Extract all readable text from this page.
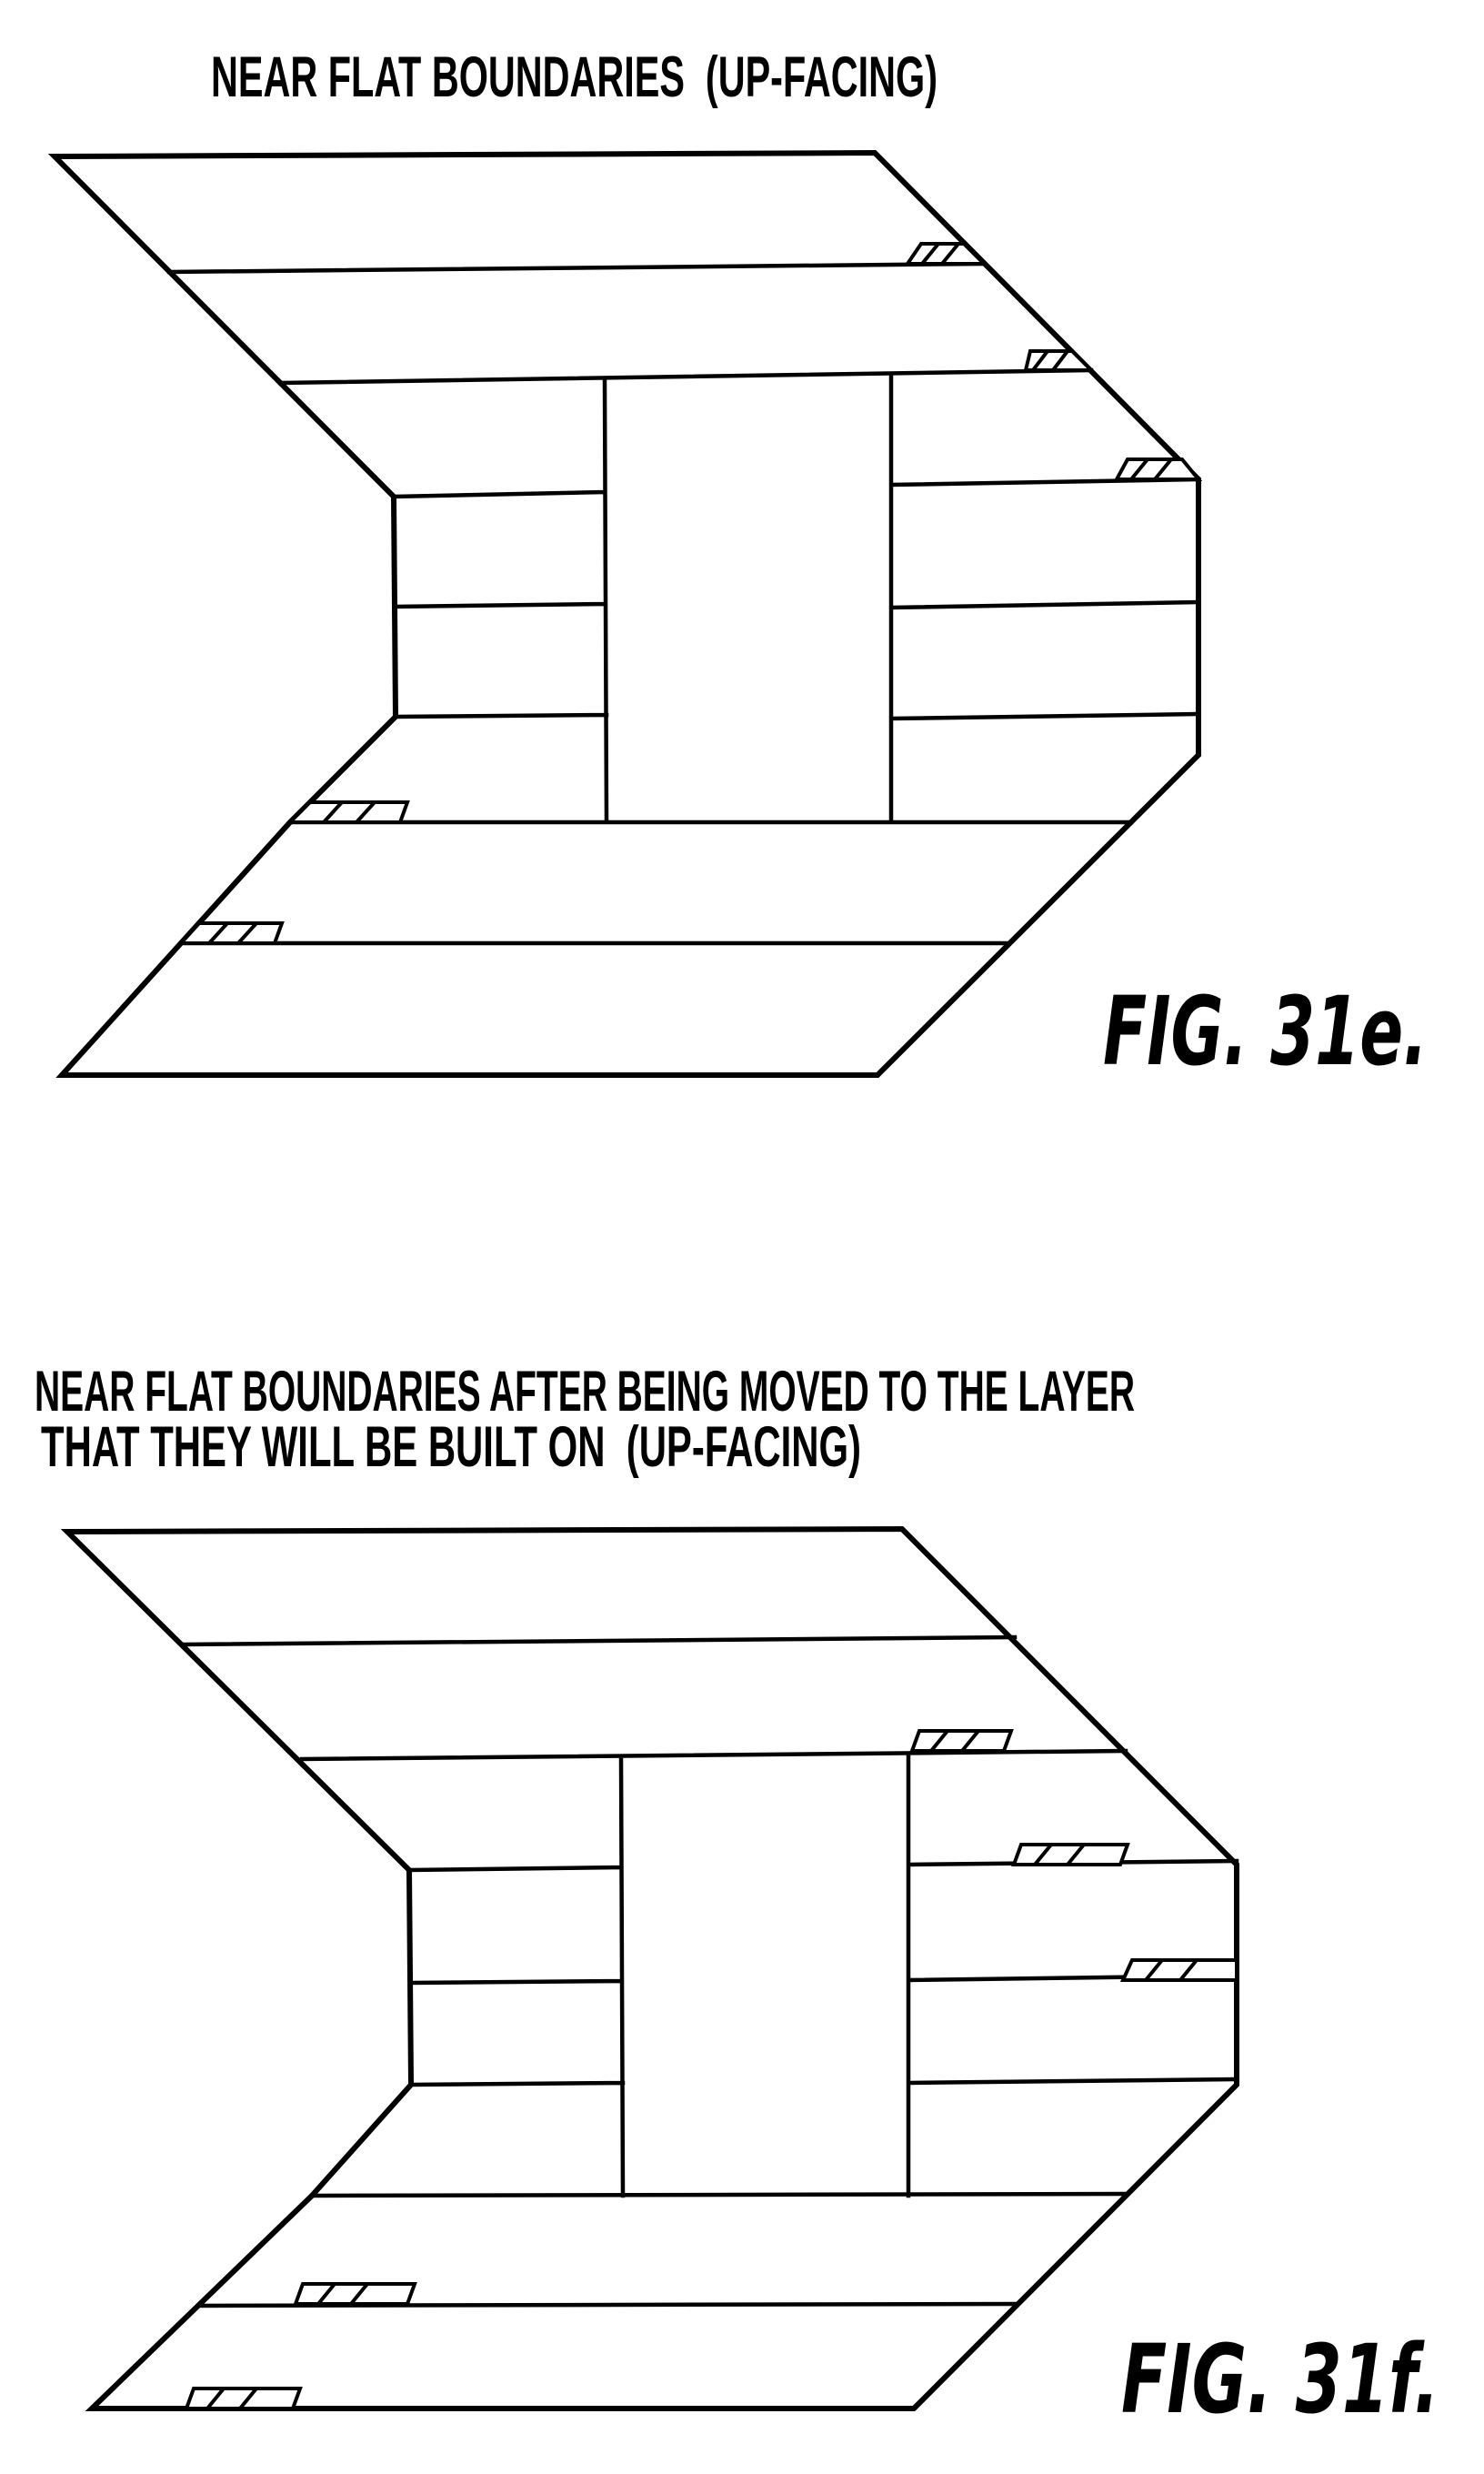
NEAR FLAT BOUNDARIES  (UP-FACING)
FIG. 31e.
NEAR FLAT BOUNDARIES AFTER BEING MOVED TO THE LAYER
THAT THEY WILL BE BUILT ON  (UP-FACING)
FIG. 31f.
